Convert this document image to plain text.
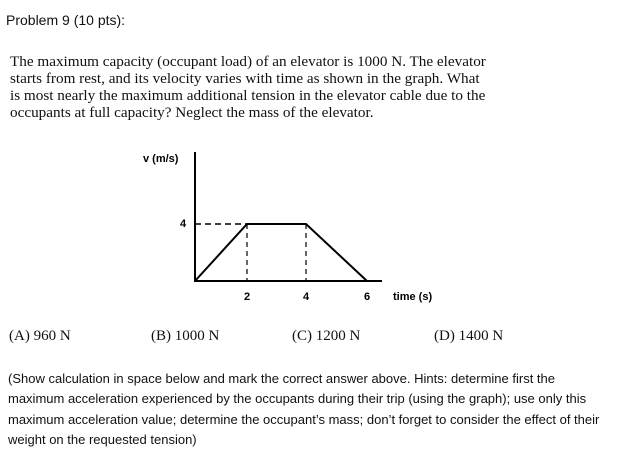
Problem 9 (10 pts):
The maximum capacity (occupant load) of an elevator is 1000 N. The elevator
starts from rest, and its velocity varies with time as shown in the graph. What
is most nearly the maximum additional tension in the elevator cable due to the
occupants at full capacity? Neglect the mass of the elevator.
v (m/s)
time (s)
4
2	4	6
(A) 960 N	(B) 1000 N	(C) 1200 N	(D) 1400 N
(Show calculation in space below and mark the correct answer above. Hints: determine first the
maximum acceleration experienced by the occupants during their trip (using the graph); use only this
maximum acceleration value; determine the occupant’s mass; don’t forget to consider the effect of their
weight on the requested tension)
